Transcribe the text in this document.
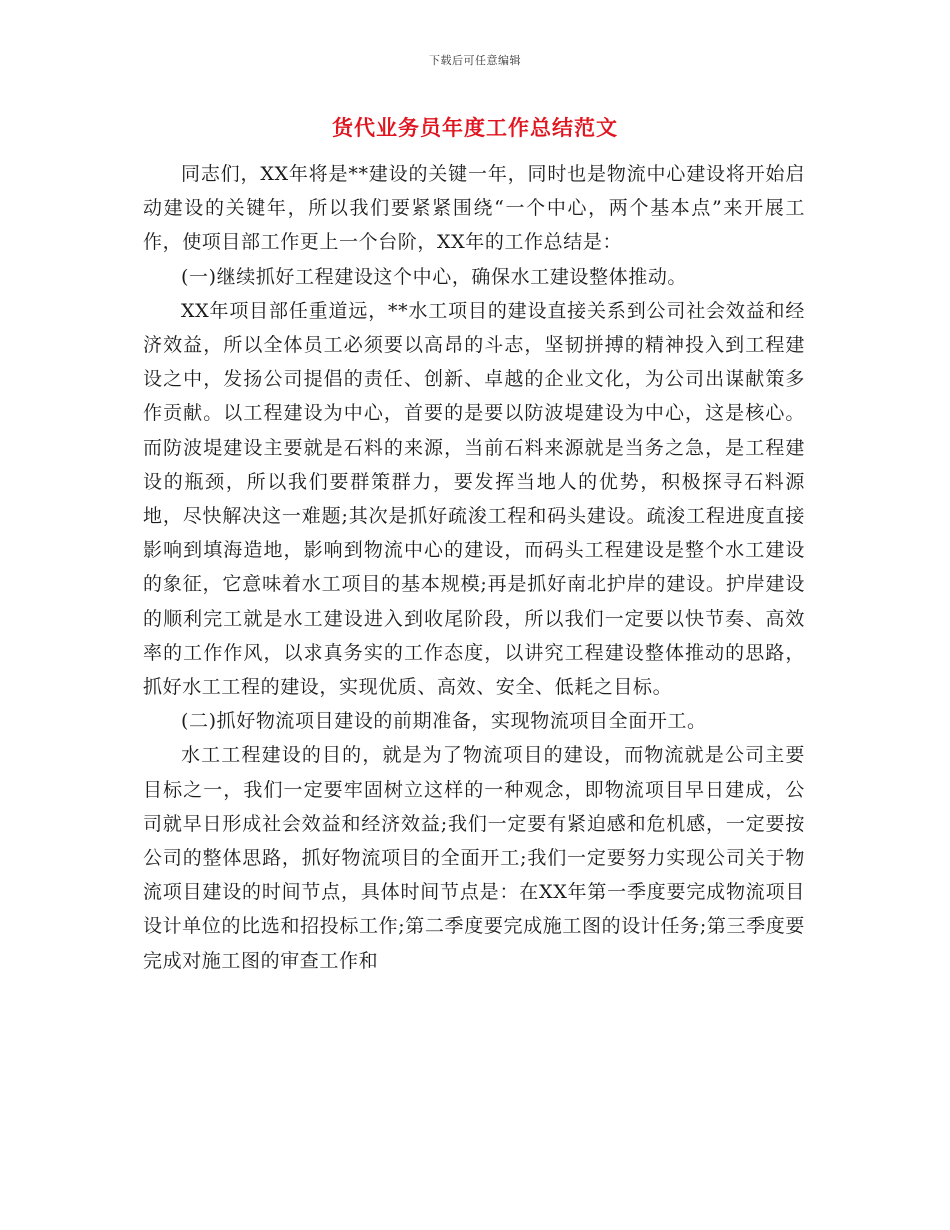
下载后可任意编辑
货代业务员年度工作总结范文

同志们，XX年将是**建设的关键一年，同时也是物流中心建设将开始启动建设的关键年，所以我们要紧紧围绕“一个中心，两个基本点”来开展工作，使项目部工作更上一个台阶，XX年的工作总结是：

(一)继续抓好工程建设这个中心，确保水工建设整体推动。

XX年项目部任重道远，**水工项目的建设直接关系到公司社会效益和经济效益，所以全体员工必须要以高昂的斗志，坚韧拼搏的精神投入到工程建设之中，发扬公司提倡的责任、创新、卓越的企业文化，为公司出谋献策多作贡献。以工程建设为中心，首要的是要以防波堤建设为中心，这是核心。而防波堤建设主要就是石料的来源，当前石料来源就是当务之急，是工程建设的瓶颈，所以我们要群策群力，要发挥当地人的优势，积极探寻石料源地，尽快解决这一难题;其次是抓好疏浚工程和码头建设。疏浚工程进度直接影响到填海造地，影响到物流中心的建设，而码头工程建设是整个水工建设的象征，它意味着水工项目的基本规模;再是抓好南北护岸的建设。护岸建设的顺利完工就是水工建设进入到收尾阶段，所以我们一定要以快节奏、高效率的工作作风，以求真务实的工作态度，以讲究工程建设整体推动的思路，抓好水工工程的建设，实现优质、高效、安全、低耗之目标。

(二)抓好物流项目建设的前期准备，实现物流项目全面开工。

水工工程建设的目的，就是为了物流项目的建设，而物流就是公司主要目标之一，我们一定要牢固树立这样的一种观念，即物流项目早日建成，公司就早日形成社会效益和经济效益;我们一定要有紧迫感和危机感，一定要按公司的整体思路，抓好物流项目的全面开工;我们一定要努力实现公司关于物流项目建设的时间节点，具体时间节点是：在XX年第一季度要完成物流项目设计单位的比选和招投标工作;第二季度要完成施工图的设计任务;第三季度要完成对施工图的审查工作和
